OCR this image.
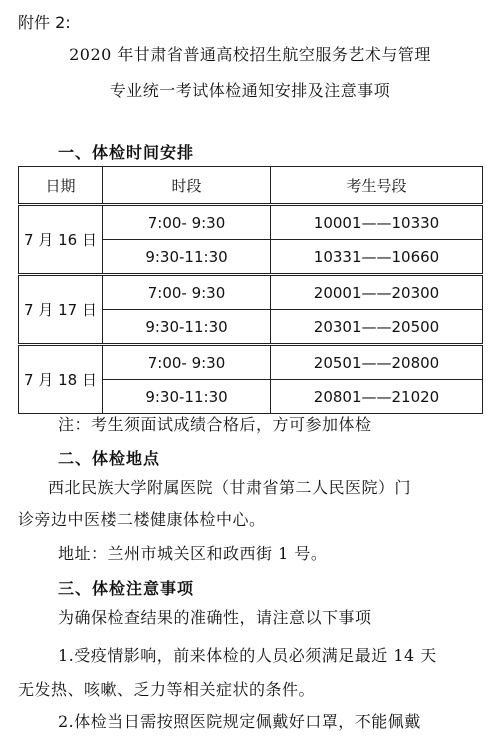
附件 2:
2020 年甘肃省普通高校招生航空服务艺术与管理
专业统一考试体检通知安排及注意事项
一、体检时间安排
日期	时段	考生号段
7 月 16 日	7:00- 9:30	10001——10330
	9:30-11:30	10331——10660
7 月 17 日	7:00- 9:30	20001——20300
	9:30-11:30	20301——20500
7 月 18 日	7:00- 9:30	20501——20800
	9:30-11:30	20801——21020
注：考生须面试成绩合格后，方可参加体检
二、体检地点
西北民族大学附属医院（甘肃省第二人民医院）门
诊旁边中医楼二楼健康体检中心。
地址：兰州市城关区和政西街 1 号。
三、体检注意事项
为确保检查结果的准确性，请注意以下事项
1.受疫情影响，前来体检的人员必须满足最近 14 天
无发热、咳嗽、乏力等相关症状的条件。
2.体检当日需按照医院规定佩戴好口罩，不能佩戴
